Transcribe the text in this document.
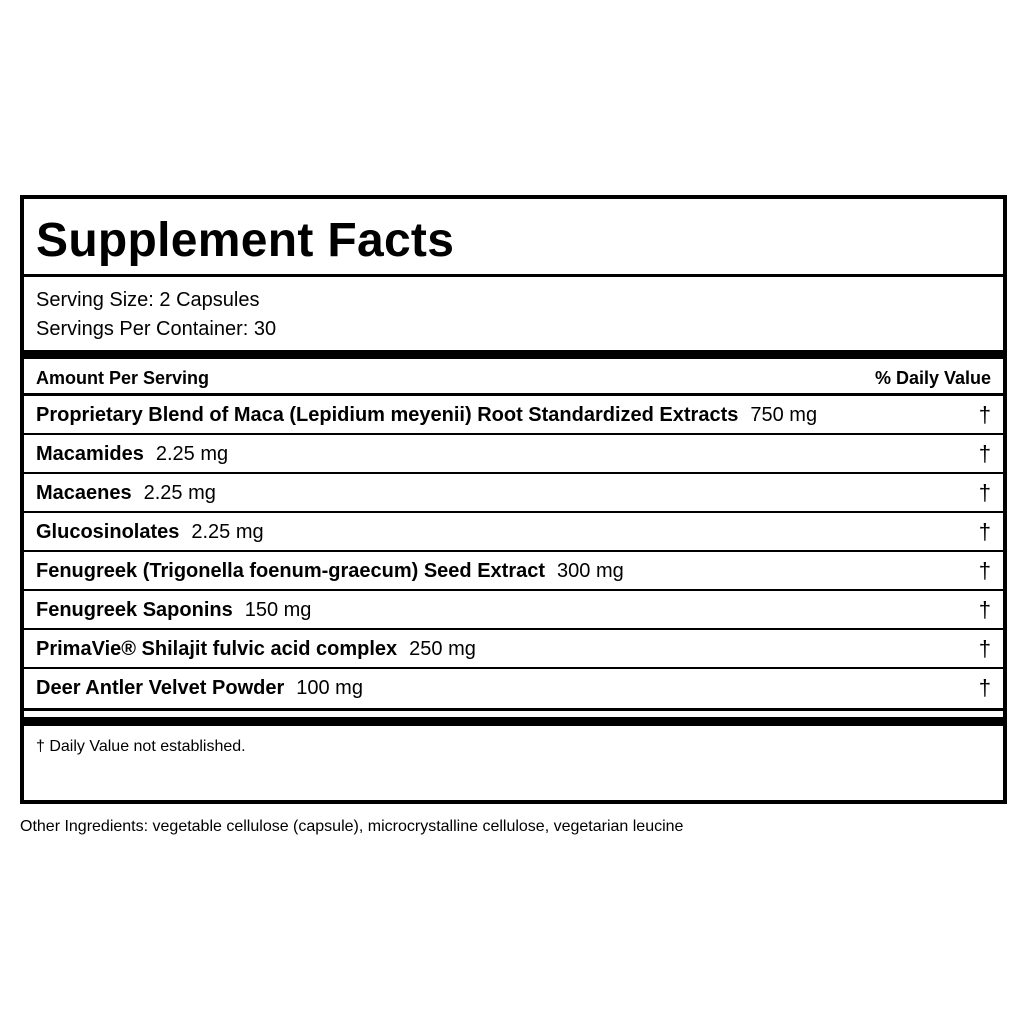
Supplement Facts
Serving Size: 2 Capsules
Servings Per Container: 30
Amount Per Serving	% Daily Value
Proprietary Blend of Maca (Lepidium meyenii) Root Standardized Extracts 750 mg	†
Macamides 2.25 mg	†
Macaenes 2.25 mg	†
Glucosinolates 2.25 mg	†
Fenugreek (Trigonella foenum-graecum) Seed Extract 300 mg	†
Fenugreek Saponins 150 mg	†
PrimaVie® Shilajit fulvic acid complex 250 mg	†
Deer Antler Velvet Powder 100 mg	†
† Daily Value not established.
Other Ingredients: vegetable cellulose (capsule), microcrystalline cellulose, vegetarian leucine
